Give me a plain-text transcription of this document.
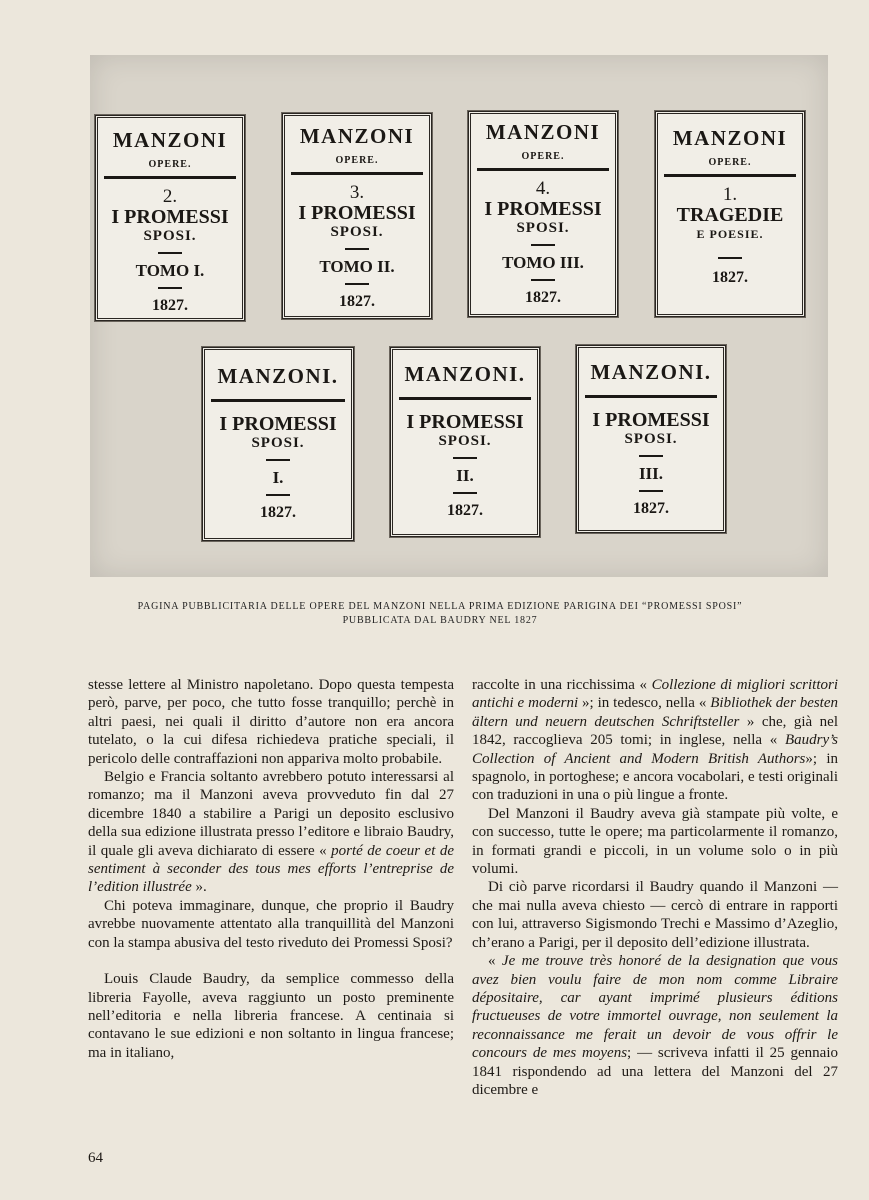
MANZONI
OPERE.
2.
I PROMESSI
SPOSI.
TOMO I.
1827.
MANZONI
OPERE.
3.
I PROMESSI
SPOSI.
TOMO II.
1827.
MANZONI
OPERE.
4.
I PROMESSI
SPOSI.
TOMO III.
1827.
MANZONI
OPERE.
1.
TRAGEDIE
E POESIE.
1827.
MANZONI.
I PROMESSI
SPOSI.
I.
1827.
MANZONI.
I PROMESSI
SPOSI.
II.
1827.
MANZONI.
I PROMESSI
SPOSI.
III.
1827.
PAGINA PUBBLICITARIA DELLE OPERE DEL MANZONI NELLA PRIMA EDIZIONE PARIGINA DEI “PROMESSI SPOSI”
PUBBLICATA DAL BAUDRY NEL 1827

stesse lettere al Ministro napoletano. Dopo questa tempesta però, parve, per poco, che tutto fosse tranquillo; perchè in altri paesi, nei quali il diritto d’autore non era ancora tutelato, o la cui difesa richiedeva pratiche speciali, il pericolo delle contraffazioni non appariva molto probabile.

Belgio e Francia soltanto avrebbero potuto interessarsi al romanzo; ma il Manzoni aveva provveduto fin dal 27 dicembre 1840 a stabilire a Parigi un deposito esclusivo della sua edizione illustrata presso l’editore e libraio Baudry, il quale gli aveva dichiarato di essere « porté de coeur et de sentiment à seconder des tous mes efforts l’entreprise de l’edition illustrée ».

Chi poteva immaginare, dunque, che proprio il Baudry avrebbe nuovamente attentato alla tranquillità del Manzoni con la stampa abusiva del testo riveduto dei Promessi Sposi?

Louis Claude Baudry, da semplice commesso della libreria Fayolle, aveva raggiunto un posto preminente nell’editoria e nella libreria francese. A centinaia si contavano le sue edizioni e non soltanto in lingua francese; ma in italiano,

raccolte in una ricchissima « Collezione di migliori scrittori antichi e moderni »; in tedesco, nella « Bibliothek der besten ältern und neuern deutschen Schriftsteller » che, già nel 1842, raccoglieva 205 tomi; in inglese, nella « Baudry’s Collection of Ancient and Modern British Authors»; in spagnolo, in portoghese; e ancora vocabolari, e testi originali con traduzioni in una o più lingue a fronte.

Del Manzoni il Baudry aveva già stampate più volte, e con successo, tutte le opere; ma particolarmente il romanzo, in formati grandi e piccoli, in un volume solo o in più volumi.

Di ciò parve ricordarsi il Baudry quando il Manzoni — che mai nulla aveva chiesto — cercò di entrare in rapporti con lui, attraverso Sigismondo Trechi e Massimo d’Azeglio, ch’erano a Parigi, per il deposito dell’edizione illustrata.

« Je me trouve très honoré de la designation que vous avez bien voulu faire de mon nom comme Libraire dépositaire, car ayant imprimé plusieurs éditions fructueuses de votre immortel ouvrage, non seulement la reconnaissance me ferait un devoir de vous offrir le concours de mes moyens; — scriveva infatti il 25 gennaio 1841 rispondendo ad una lettera del Manzoni del 27 dicembre e

64
